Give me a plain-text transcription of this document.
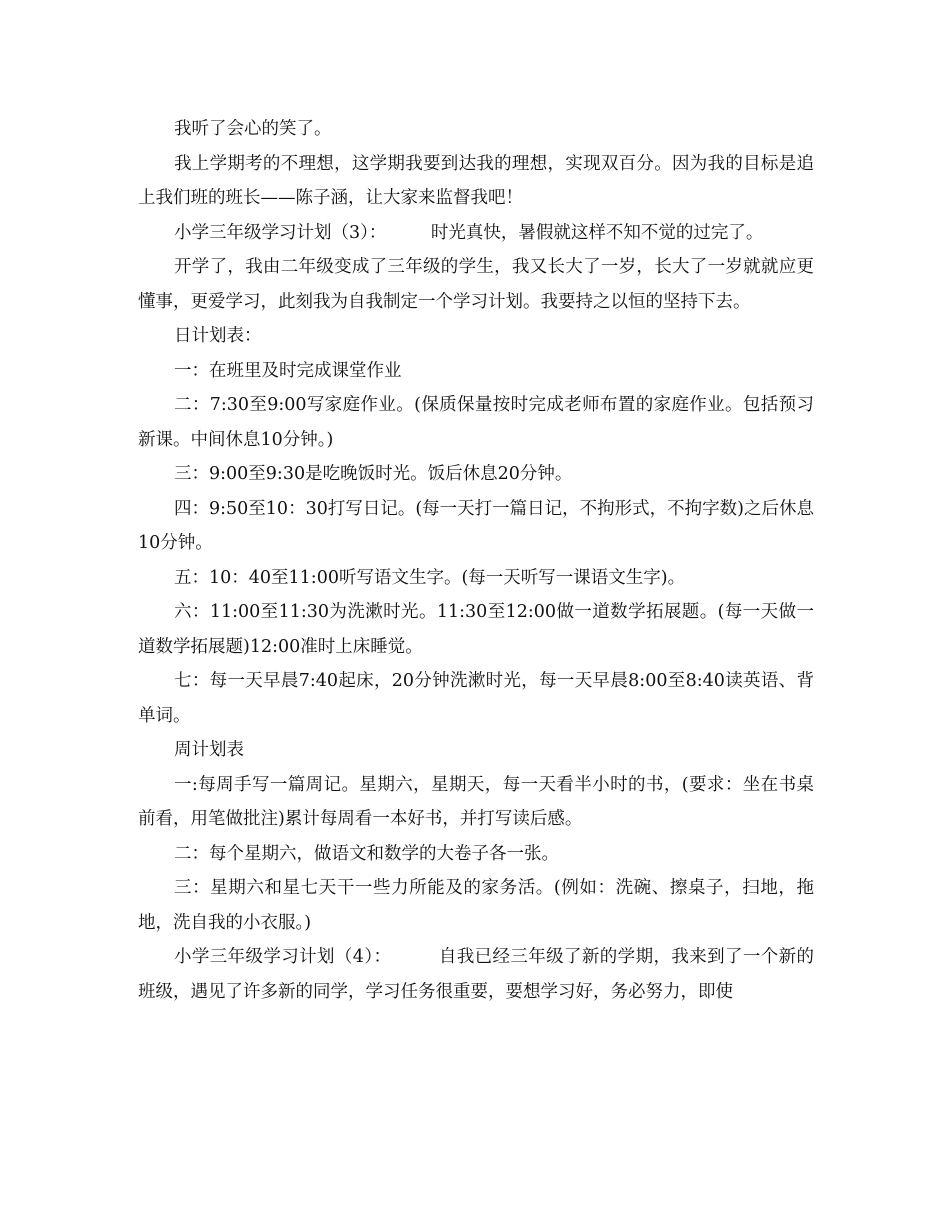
我听了会心的笑了。

我上学期考的不理想，这学期我要到达我的理想，实现双百分。因为我的目标是追上我们班的班长——陈子涵，让大家来监督我吧！

小学三年级学习计划（3）：        时光真快，暑假就这样不知不觉的过完了。

开学了，我由二年级变成了三年级的学生，我又长大了一岁，长大了一岁就就应更懂事，更爱学习，此刻我为自我制定一个学习计划。我要持之以恒的坚持下去。

日计划表：

一：在班里及时完成课堂作业

二：7:30至9:00写家庭作业。(保质保量按时完成老师布置的家庭作业。包括预习新课。中间休息10分钟。)

三：9:00至9:30是吃晚饭时光。饭后休息20分钟。

四：9:50至10：30打写日记。(每一天打一篇日记，不拘形式，不拘字数)之后休息10分钟。

五：10：40至11:00听写语文生字。(每一天听写一课语文生字)。

六：11:00至11:30为洗漱时光。11:30至12:00做一道数学拓展题。(每一天做一道数学拓展题)12:00准时上床睡觉。

七：每一天早晨7:40起床，20分钟洗漱时光，每一天早晨8:00至8:40读英语、背单词。

周计划表

一:每周手写一篇周记。星期六，星期天，每一天看半小时的书，(要求：坐在书桌前看，用笔做批注)累计每周看一本好书，并打写读后感。

二：每个星期六，做语文和数学的大卷子各一张。

三：星期六和星七天干一些力所能及的家务活。(例如：洗碗、擦桌子，扫地，拖地，洗自我的小衣服。)

小学三年级学习计划（4）：        自我已经三年级了新的学期，我来到了一个新的班级，遇见了许多新的同学，学习任务很重要，要想学习好，务必努力，即使
